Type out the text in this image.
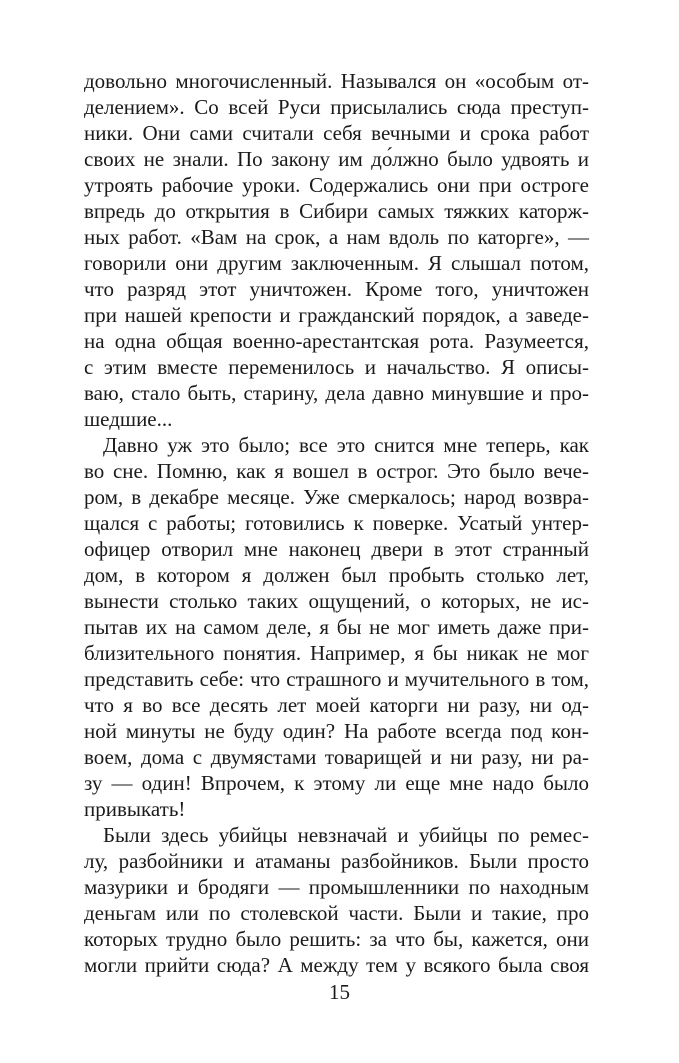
довольно многочисленный. Назывался он «особым от-
делением». Со всей Руси присылались сюда преступ-
ники. Они сами считали себя вечными и срока работ
своих не знали. По закону им до́лжно было удвоять и
утроять рабочие уроки. Содержались они при остроге
впредь до открытия в Сибири самых тяжких каторж-
ных работ. «Вам на срок, а нам вдоль по каторге», —
говорили они другим заключенным. Я слышал потом,
что разряд этот уничтожен. Кроме того, уничтожен
при нашей крепости и гражданский порядок, а заведе-
на одна общая военно-арестантская рота. Разумеется,
с этим вместе переменилось и начальство. Я описы-
ваю, стало быть, старину, дела давно минувшие и про-
шедшие...
Давно уж это было; все это снится мне теперь, как
во сне. Помню, как я вошел в острог. Это было вече-
ром, в декабре месяце. Уже смеркалось; народ возвра-
щался с работы; готовились к поверке. Усатый унтер-
офицер отворил мне наконец двери в этот странный
дом, в котором я должен был пробыть столько лет,
вынести столько таких ощущений, о которых, не ис-
пытав их на самом деле, я бы не мог иметь даже при-
близительного понятия. Например, я бы никак не мог
представить себе: что страшного и мучительного в том,
что я во все десять лет моей каторги ни разу, ни од-
ной минуты не буду один? На работе всегда под кон-
воем, дома с двумястами товарищей и ни разу, ни ра-
зу — один! Впрочем, к этому ли еще мне надо было
привыкать!
Были здесь убийцы невзначай и убийцы по ремес-
лу, разбойники и атаманы разбойников. Были просто
мазурики и бродяги — промышленники по находным
деньгам или по столевской части. Были и такие, про
которых трудно было решить: за что бы, кажется, они
могли прийти сюда? А между тем у всякого была своя
15
